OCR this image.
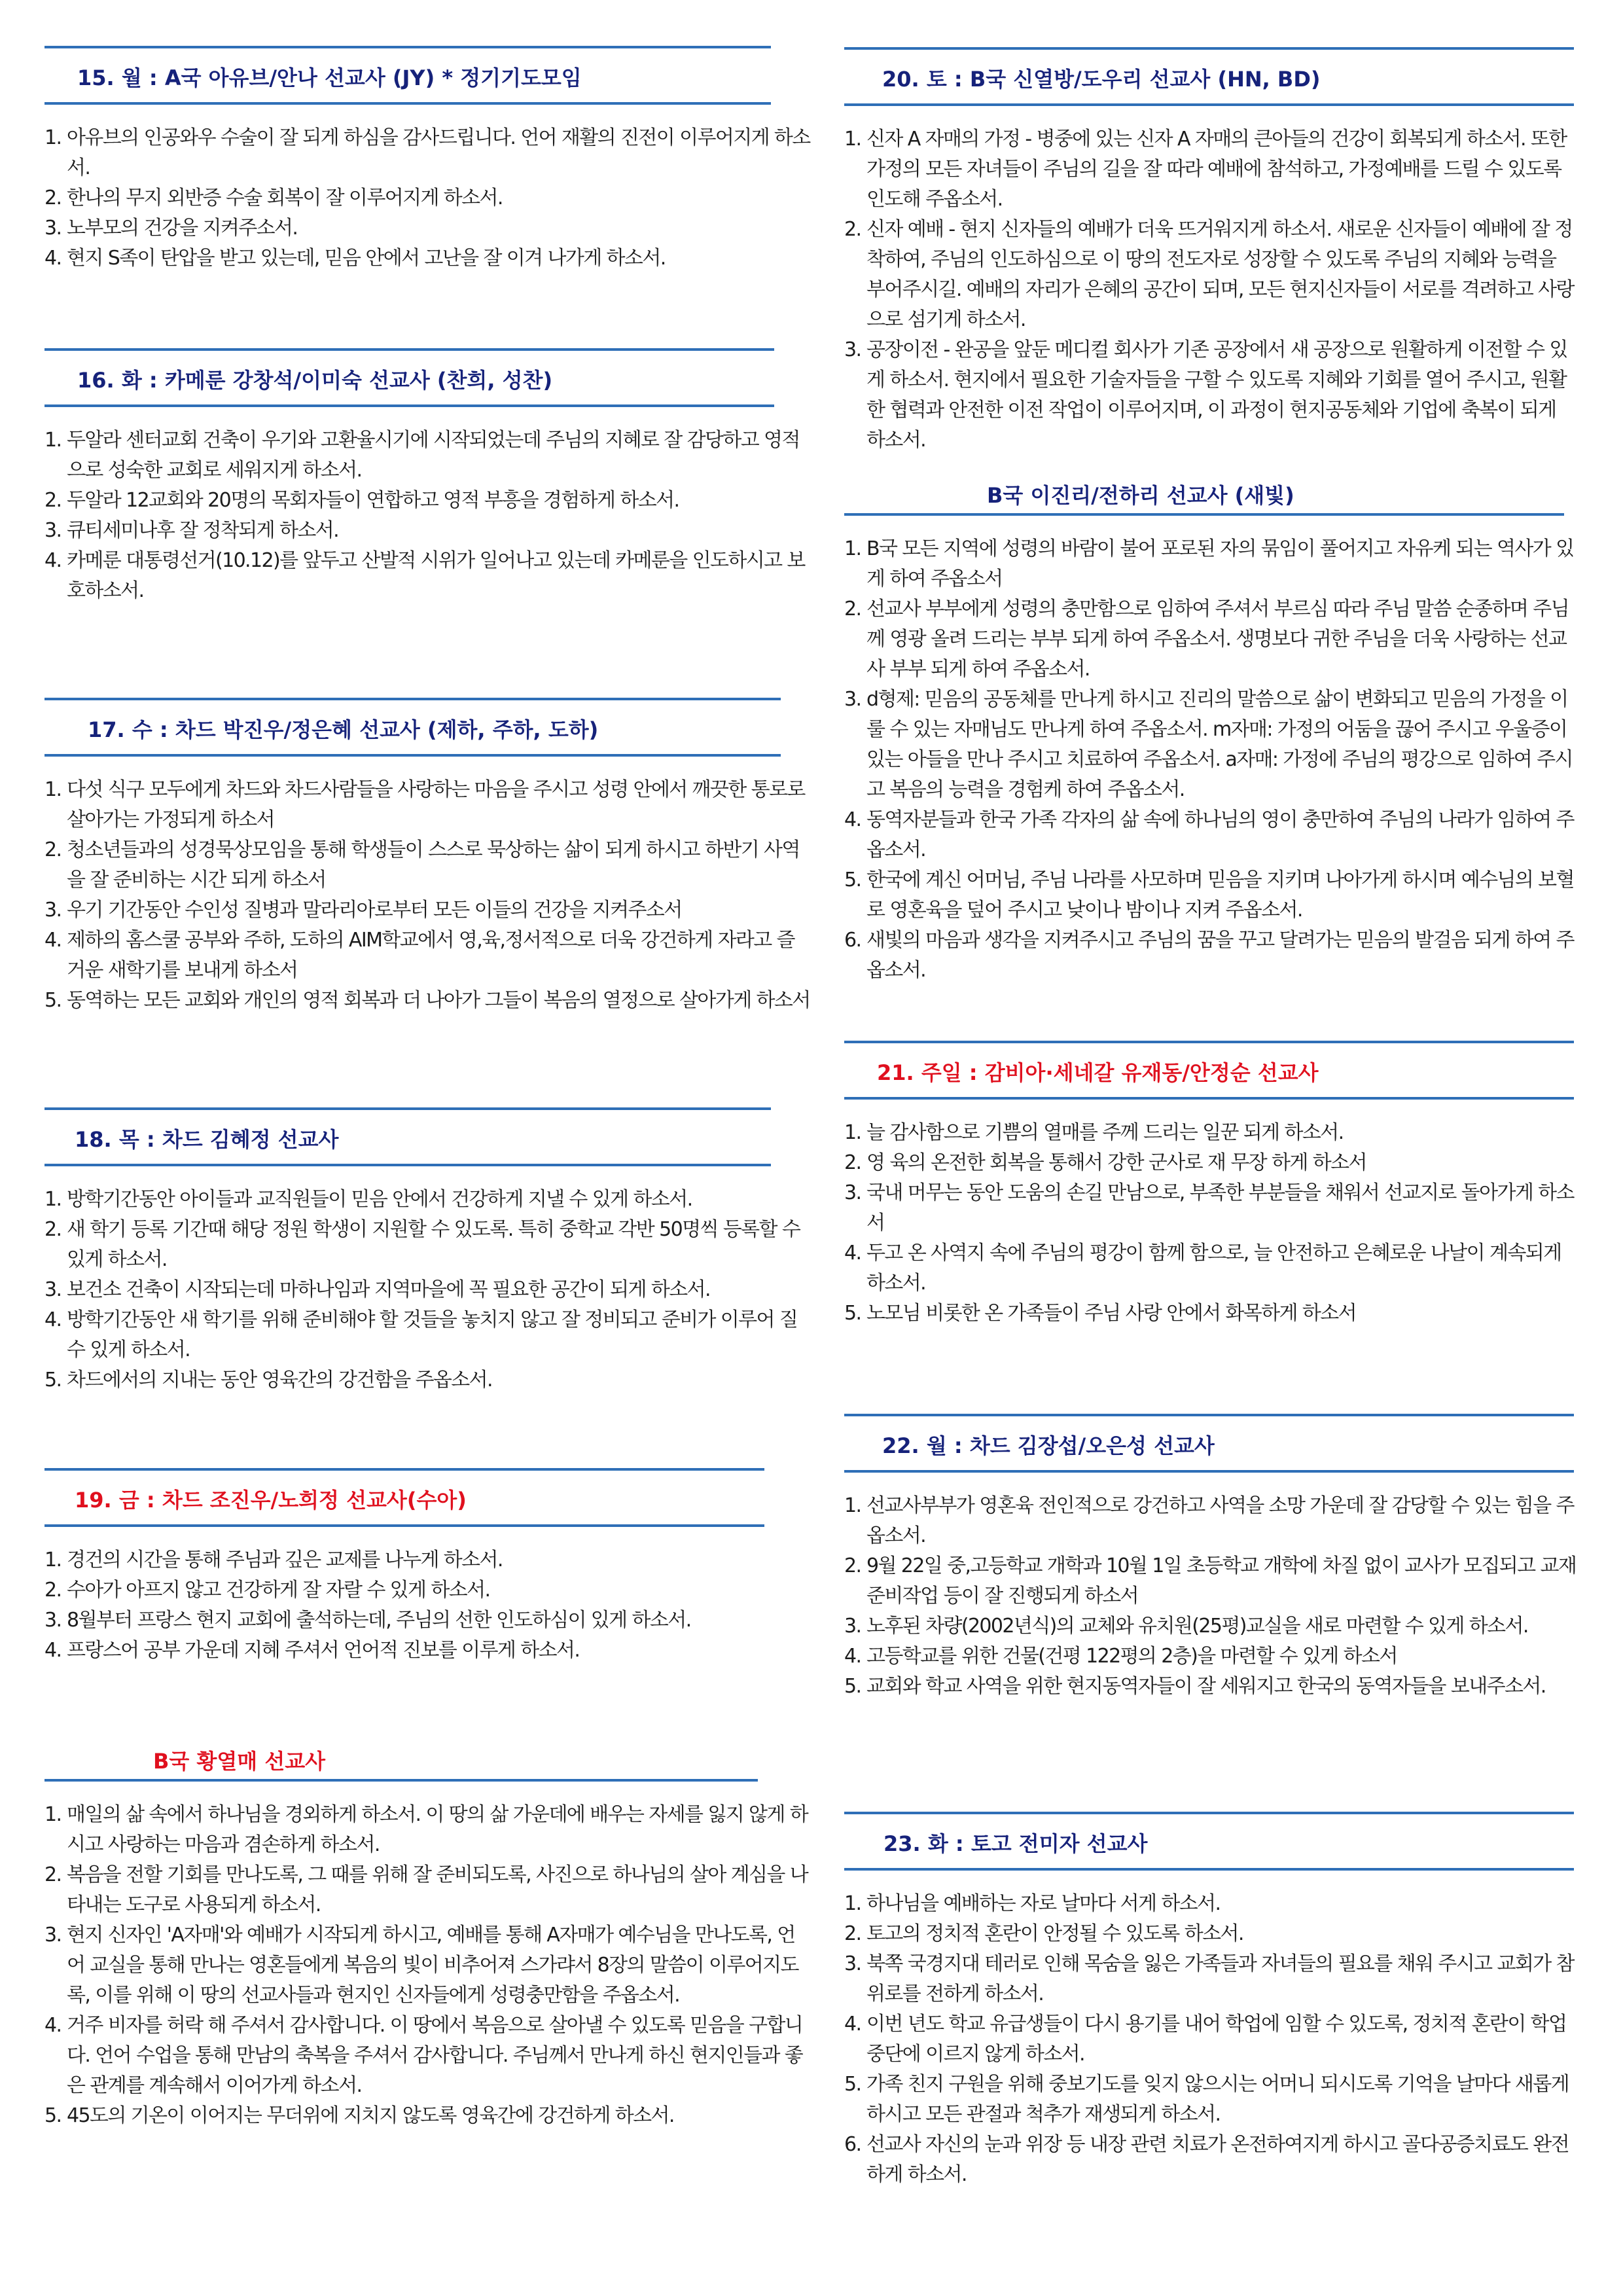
15. 월 : A국 아유브/안나 선교사 (JY) * 정기기도모임
1. 아유브의 인공와우 수술이 잘 되게 하심을 감사드립니다. 언어 재활의 진전이 이루어지게 하소서.
2. 한나의 무지 외반증 수술 회복이 잘 이루어지게 하소서.
3. 노부모의 건강을 지켜주소서.
4. 현지 S족이 탄압을 받고 있는데, 믿음 안에서 고난을 잘 이겨 나가게 하소서.
16. 화 : 카메룬 강창석/이미숙 선교사 (찬희, 성찬)
1. 두알라 센터교회 건축이 우기와 고환율시기에 시작되었는데 주님의 지혜로 잘 감당하고 영적으로 성숙한 교회로 세워지게 하소서.
2. 두알라 12교회와 20명의 목회자들이 연합하고 영적 부흥을 경험하게 하소서.
3. 큐티세미나후 잘 정착되게 하소서.
4. 카메룬 대통령선거(10.12)를 앞두고 산발적 시위가 일어나고 있는데 카메룬을 인도하시고 보호하소서.
17. 수 : 차드 박진우/정은혜 선교사 (제하, 주하, 도하)
1. 다섯 식구 모두에게 차드와 차드사람들을 사랑하는 마음을 주시고 성령 안에서 깨끗한 통로로 살아가는 가정되게 하소서
2. 청소년들과의 성경묵상모임을 통해 학생들이 스스로 묵상하는 삶이 되게 하시고 하반기 사역을 잘 준비하는 시간 되게 하소서
3. 우기 기간동안 수인성 질병과 말라리아로부터 모든 이들의 건강을 지켜주소서
4. 제하의 홈스쿨 공부와 주하, 도하의 AIM학교에서 영,육,정서적으로 더욱 강건하게 자라고 즐거운 새학기를 보내게 하소서
5. 동역하는 모든 교회와 개인의 영적 회복과 더 나아가 그들이 복음의 열정으로 살아가게 하소서
18. 목 : 차드 김혜정 선교사
1. 방학기간동안 아이들과 교직원들이 믿음 안에서 건강하게 지낼 수 있게 하소서.
2. 새 학기 등록 기간때 해당 정원 학생이 지원할 수 있도록. 특히 중학교 각반 50명씩 등록할 수 있게 하소서.
3. 보건소 건축이 시작되는데 마하나임과 지역마을에 꼭 필요한 공간이 되게 하소서.
4. 방학기간동안 새 학기를 위해 준비해야 할 것들을 놓치지 않고 잘 정비되고 준비가 이루어 질 수 있게 하소서.
5. 차드에서의 지내는 동안 영육간의 강건함을 주옵소서.
19. 금 : 차드 조진우/노희정 선교사(수아)
1. 경건의 시간을 통해 주님과 깊은 교제를 나누게 하소서.
2. 수아가 아프지 않고 건강하게 잘 자랄 수 있게 하소서.
3. 8월부터 프랑스 현지 교회에 출석하는데, 주님의 선한 인도하심이 있게 하소서.
4. 프랑스어 공부 가운데 지혜 주셔서 언어적 진보를 이루게 하소서.
B국 황열매 선교사
1. 매일의 삶 속에서 하나님을 경외하게 하소서. 이 땅의 삶 가운데에 배우는 자세를 잃지 않게 하시고 사랑하는 마음과 겸손하게 하소서.
2. 복음을 전할 기회를 만나도록, 그 때를 위해 잘 준비되도록, 사진으로 하나님의 살아 계심을 나타내는 도구로 사용되게 하소서.
3. 현지 신자인 'A자매'와 예배가 시작되게 하시고, 예배를 통해 A자매가 예수님을 만나도록, 언어 교실을 통해 만나는 영혼들에게 복음의 빛이 비추어져 스가랴서 8장의 말씀이 이루어지도록, 이를 위해 이 땅의 선교사들과 현지인 신자들에게 성령충만함을 주옵소서.
4. 거주 비자를 허락 해 주셔서 감사합니다. 이 땅에서 복음으로 살아낼 수 있도록 믿음을 구합니다. 언어 수업을 통해 만남의 축복을 주셔서 감사합니다. 주님께서 만나게 하신 현지인들과 좋은 관계를 계속해서 이어가게 하소서.
5. 45도의 기온이 이어지는 무더위에 지치지 않도록 영육간에 강건하게 하소서.
20. 토 : B국 신열방/도우리 선교사 (HN, BD)
1. 신자 A 자매의 가정 - 병중에 있는 신자 A 자매의 큰아들의 건강이 회복되게 하소서. 또한 가정의 모든 자녀들이 주님의 길을 잘 따라 예배에 참석하고, 가정예배를 드릴 수 있도록 인도해 주옵소서.
2. 신자 예배 - 현지 신자들의 예배가 더욱 뜨거워지게 하소서. 새로운 신자들이 예배에 잘 정착하여, 주님의 인도하심으로 이 땅의 전도자로 성장할 수 있도록 주님의 지혜와 능력을 부어주시길. 예배의 자리가 은혜의 공간이 되며, 모든 현지신자들이 서로를 격려하고 사랑으로 섬기게 하소서.
3. 공장이전 - 완공을 앞둔 메디컬 회사가 기존 공장에서 새 공장으로 원활하게 이전할 수 있게 하소서. 현지에서 필요한 기술자들을 구할 수 있도록 지혜와 기회를 열어 주시고, 원활한 협력과 안전한 이전 작업이 이루어지며, 이 과정이 현지공동체와 기업에 축복이 되게 하소서.
B국 이진리/전하리 선교사 (새빛)
1. B국 모든 지역에 성령의 바람이 불어 포로된 자의 묶임이 풀어지고 자유케 되는 역사가 있게 하여 주옵소서
2. 선교사 부부에게 성령의 충만함으로 임하여 주셔서 부르심 따라 주님 말씀 순종하며 주님께 영광 올려 드리는 부부 되게 하여 주옵소서. 생명보다 귀한 주님을 더욱 사랑하는 선교사 부부 되게 하여 주옵소서.
3. d형제: 믿음의 공동체를 만나게 하시고 진리의 말씀으로 삶이 변화되고 믿음의 가정을 이룰 수 있는 자매님도 만나게 하여 주옵소서. m자매: 가정의 어둠을 끊어 주시고 우울증이 있는 아들을 만나 주시고 치료하여 주옵소서. a자매: 가정에 주님의 평강으로 임하여 주시고 복음의 능력을 경험케 하여 주옵소서.
4. 동역자분들과 한국 가족 각자의 삶 속에 하나님의 영이 충만하여 주님의 나라가 임하여 주옵소서.
5. 한국에 계신 어머님, 주님 나라를 사모하며 믿음을 지키며 나아가게 하시며 예수님의 보혈로 영혼육을 덮어 주시고 낮이나 밤이나 지켜 주옵소서.
6. 새빛의 마음과 생각을 지켜주시고 주님의 꿈을 꾸고 달려가는 믿음의 발걸음 되게 하여 주옵소서.
21. 주일 : 감비아·세네갈 유재동/안정순 선교사
1. 늘 감사함으로 기쁨의 열매를 주께 드리는 일꾼 되게 하소서.
2. 영 육의 온전한 회복을 통해서 강한 군사로 재 무장 하게 하소서
3. 국내 머무는 동안 도움의 손길 만남으로, 부족한 부분들을 채워서 선교지로 돌아가게 하소서
4. 두고 온 사역지 속에 주님의 평강이 함께 함으로, 늘 안전하고 은혜로운 나날이 계속되게 하소서.
5. 노모님 비롯한 온 가족들이 주님 사랑 안에서 화목하게 하소서
22. 월 : 차드 김장섭/오은성 선교사
1. 선교사부부가 영혼육 전인적으로 강건하고 사역을 소망 가운데 잘 감당할 수 있는 힘을 주옵소서.
2. 9월 22일 중,고등학교 개학과 10월 1일 초등학교 개학에 차질 없이 교사가 모집되고 교재준비작업 등이 잘 진행되게 하소서
3. 노후된 차량(2002년식)의 교체와 유치원(25평)교실을 새로 마련할 수 있게 하소서.
4. 고등학교를 위한 건물(건평 122평의 2층)을 마련할 수 있게 하소서
5. 교회와 학교 사역을 위한 현지동역자들이 잘 세워지고 한국의 동역자들을 보내주소서.
23. 화 : 토고 전미자 선교사
1. 하나님을 예배하는 자로 날마다 서게 하소서.
2. 토고의 정치적 혼란이 안정될 수 있도록 하소서.
3. 북쪽 국경지대 테러로 인해 목숨을 잃은 가족들과 자녀들의 필요를 채워 주시고 교회가 참 위로를 전하게 하소서.
4. 이번 년도 학교 유급생들이 다시 용기를 내어 학업에 임할 수 있도록, 정치적 혼란이 학업 중단에 이르지 않게 하소서.
5. 가족 친지 구원을 위해 중보기도를 잊지 않으시는 어머니 되시도록 기억을 날마다 새롭게 하시고 모든 관절과 척추가 재생되게 하소서.
6. 선교사 자신의 눈과 위장 등 내장 관련 치료가 온전하여지게 하시고 골다공증치료도 완전하게 하소서.
